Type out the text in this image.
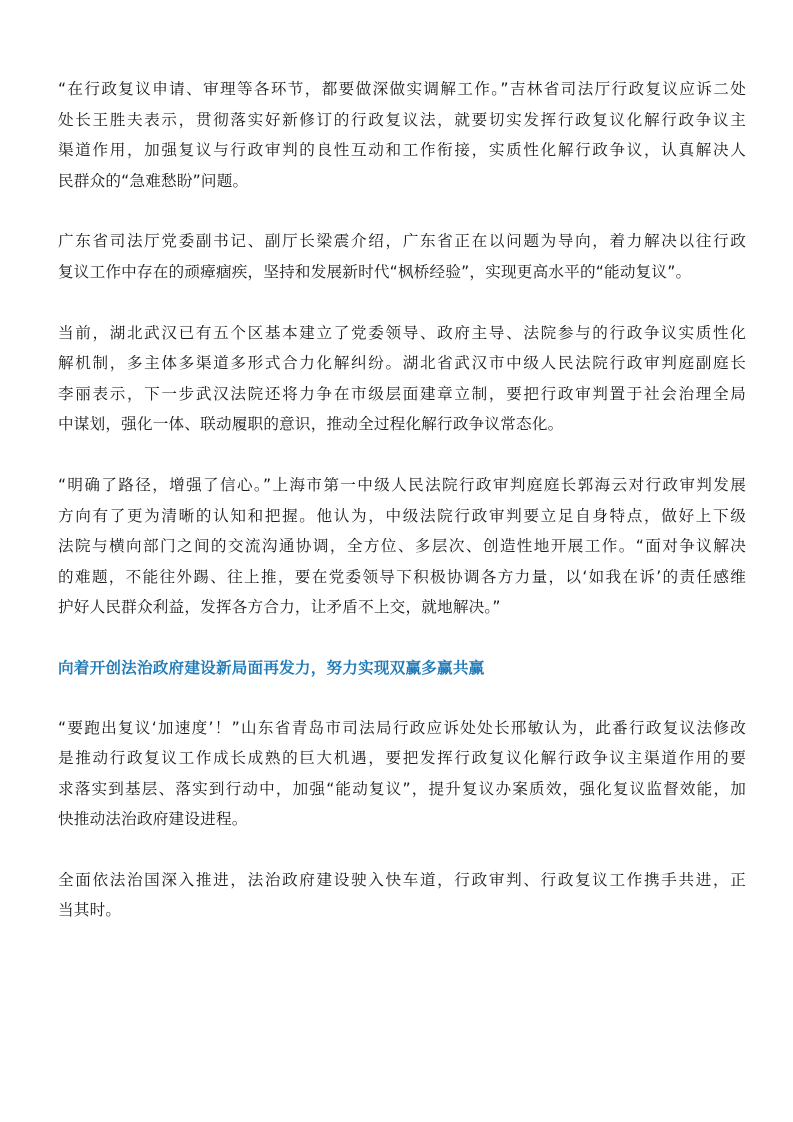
“在行政复议申请、审理等各环节，都要做深做实调解工作。”吉林省司法厅行政复议应诉二处
处长王胜夫表示，贯彻落实好新修订的行政复议法，就要切实发挥行政复议化解行政争议主
渠道作用，加强复议与行政审判的良性互动和工作衔接，实质性化解行政争议，认真解决人
民群众的“急难愁盼”问题。
广东省司法厅党委副书记、副厅长梁震介绍，广东省正在以问题为导向，着力解决以往行政
复议工作中存在的顽瘴痼疾，坚持和发展新时代“枫桥经验”，实现更高水平的“能动复议”。
当前，湖北武汉已有五个区基本建立了党委领导、政府主导、法院参与的行政争议实质性化
解机制，多主体多渠道多形式合力化解纠纷。湖北省武汉市中级人民法院行政审判庭副庭长
李丽表示，下一步武汉法院还将力争在市级层面建章立制，要把行政审判置于社会治理全局
中谋划，强化一体、联动履职的意识，推动全过程化解行政争议常态化。
“明确了路径，增强了信心。”上海市第一中级人民法院行政审判庭庭长郭海云对行政审判发展
方向有了更为清晰的认知和把握。他认为，中级法院行政审判要立足自身特点，做好上下级
法院与横向部门之间的交流沟通协调，全方位、多层次、创造性地开展工作。“面对争议解决
的难题，不能往外踢、往上推，要在党委领导下积极协调各方力量，以‘如我在诉’的责任感维
护好人民群众利益，发挥各方合力，让矛盾不上交，就地解决。”
向着开创法治政府建设新局面再发力，努力实现双赢多赢共赢
“要跑出复议‘加速度’！”山东省青岛市司法局行政应诉处处长邢敏认为，此番行政复议法修改
是推动行政复议工作成长成熟的巨大机遇，要把发挥行政复议化解行政争议主渠道作用的要
求落实到基层、落实到行动中，加强“能动复议”，提升复议办案质效，强化复议监督效能，加
快推动法治政府建设进程。
全面依法治国深入推进，法治政府建设驶入快车道，行政审判、行政复议工作携手共进，正
当其时。
